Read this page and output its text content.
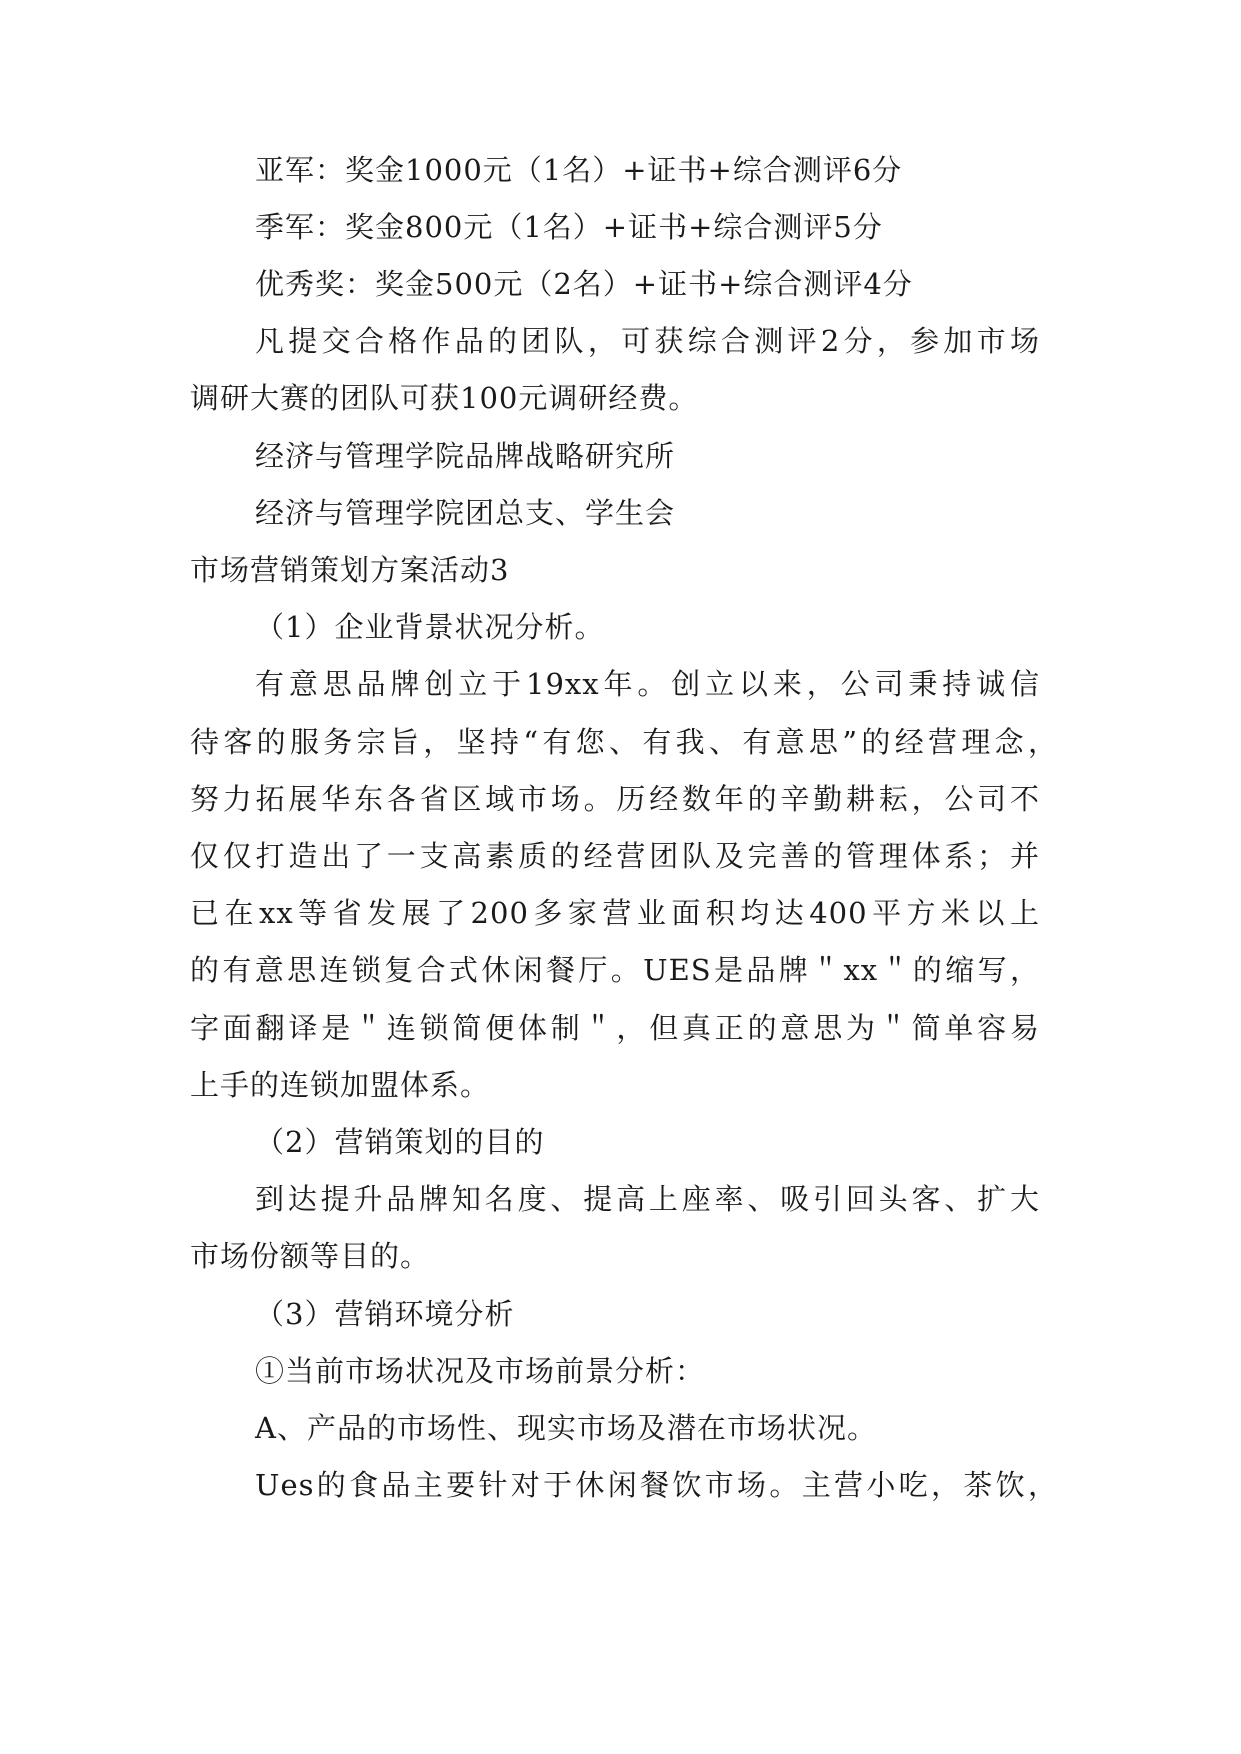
亚军：奖金1000元（1名）+证书+综合测评6分
季军：奖金800元（1名）+证书+综合测评5分
优秀奖：奖金500元（2名）+证书+综合测评4分
凡提交合格作品的团队，可获综合测评2分，参加市场
调研大赛的团队可获100元调研经费。
经济与管理学院品牌战略研究所
经济与管理学院团总支、学生会
市场营销策划方案活动3
（1）企业背景状况分析。
有意思品牌创立于19xx年。创立以来，公司秉持诚信
待客的服务宗旨，坚持“有您、有我、有意思”的经营理念，
努力拓展华东各省区域市场。历经数年的辛勤耕耘，公司不
仅仅打造出了一支高素质的经营团队及完善的管理体系；并
已在xx等省发展了200多家营业面积均达400平方米以上
的有意思连锁复合式休闲餐厅。UES是品牌＂xx＂的缩写，
字面翻译是＂连锁简便体制＂，但真正的意思为＂简单容易
上手的连锁加盟体系。
（2）营销策划的目的
到达提升品牌知名度、提高上座率、吸引回头客、扩大
市场份额等目的。
（3）营销环境分析
①当前市场状况及市场前景分析：
A、产品的市场性、现实市场及潜在市场状况。
Ues的食品主要针对于休闲餐饮市场。主营小吃，茶饮，
